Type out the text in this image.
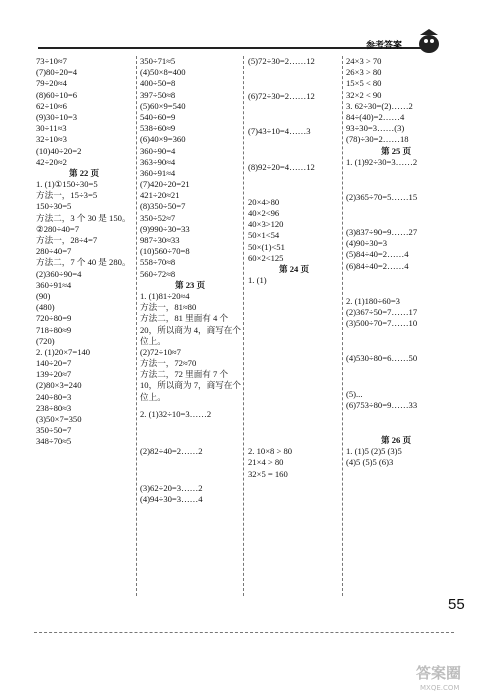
参考答案
73÷10≈7
(7)80÷20=4
79÷20≈4
(8)60÷10=6
62÷10≈6
(9)30÷10=3
30÷11≈3
32÷10≈3
(10)40÷20=2
42÷20≈2
第 22 页
1. (1)①150÷30=5
方法一，15÷3=5
150÷30=5
方法二，3 个 30 是 150。
②280÷40=7
方法一，28÷4=7
280÷40=7
方法二，7 个 40 是 280。
(2)360÷90=4
360÷91≈4
(90)
(480)
720÷80=9
718÷80≈9
(720)
2. (1)20×7=140
140÷20=7
139÷20≈7
(2)80×3=240
240÷80=3
238÷80≈3
(3)50×7=350
350÷50=7
348÷70≈5
350÷71≈5
(4)50×8=400
400÷50=8
397÷50≈8
(5)60×9=540
540÷60=9
538÷60≈9
(6)40×9=360
360÷90=4
363÷90≈4
360÷91≈4
(7)420÷20=21
421÷20≈21
(8)350÷50=7
350÷52≈7
(9)990÷30=33
987÷30≈33
(10)560÷70=8
558÷70≈8
560÷72≈8
第 23 页
1. (1)81÷20≈4
方法一，81≈80
方法二，81 里面有 4 个
20，所以商为 4，商写在个
位上。
(2)72÷10≈7
方法一，72≈70
方法二，72 里面有 7 个
10，所以商为 7，商写在个
位上。
2. (1)32÷10=3……2
(2)82÷40=2……2
(3)62÷20=3……2
(4)94÷30=3……4
(5)72÷30=2……12
(6)72÷30=2……12
(7)43÷10=4……3
(8)92÷20=4……12
20×4>80
40×2<96
40×3>120
50×1<54
50×(1)<51
60×2<125
第 24 页
1. (1)
2. 10×8 > 80
21×4 > 80
32×5 = 160
24×3 > 70
26×3 > 80
15×5 < 80
32×2 < 90
3. 62÷30=(2)……2
84÷(40)=2……4
93÷30=3……(3)
(78)÷30=2……18
第 25 页
1. (1)92÷30=3……2
(2)365÷70=5……15
(3)837÷90=9……27
(4)90÷30=3
(5)84÷40=2……4
(6)84÷40=2……4
2. (1)180÷60=3
(2)367÷50=7……17
(3)500÷70=7……10
(4)530÷80=6……50
(5)...
(6)753÷80=9……33
第 26 页
1. (1)5 (2)5 (3)5
(4)5 (5)5 (6)3
55
答案圈
MXQE.COM
